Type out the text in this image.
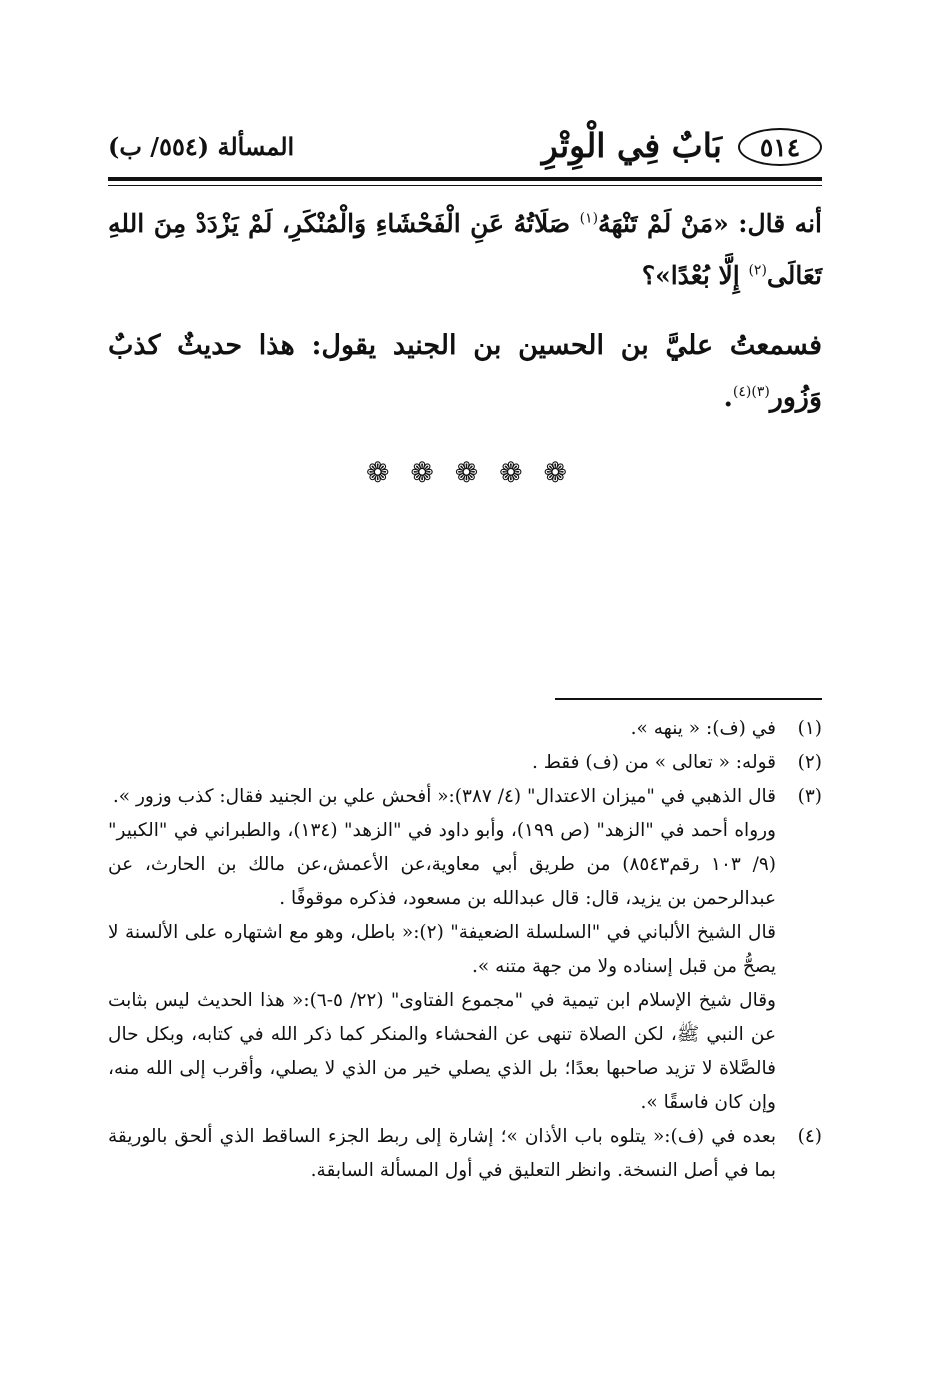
٥١٤
بَابٌ فِي الْوِتْرِ
المسألة (٥٥٤/ ب)

أنه قال: «مَنْ لَمْ تَنْهَهُ$^{(١)}$ صَلَاتُهُ عَنِ الْفَحْشَاءِ وَالْمُنْكَرِ، لَمْ يَزْدَدْ مِنَ اللهِ تَعَالَى$^{(٢)}$ إِلَّا بُعْدًا»؟

فسمعتُ عليَّ بن الحسين بن الجنيد يقول: هذا حديثٌ كذبٌ وَزُور$^{(٣)(٤)}$.

❁ ❁ ❁ ❁ ❁
(١)

في (ف): « ينهه ».

(٢)

قوله: « تعالى » من (ف) فقط .

(٣)

قال الذهبي في "ميزان الاعتدال" (٤/ ٣٨٧):« أفحش علي بن الجنيد فقال: كذب وزور ».

ورواه أحمد في "الزهد" (ص ١٩٩)، وأبو داود في "الزهد" (١٣٤)، والطبراني في "الكبير" (٩/ ١٠٣ رقم٨٥٤٣) من طريق أبي معاوية،عن الأعمش،عن مالك بن الحارث، عن عبدالرحمن بن يزيد، قال: قال عبدالله بن مسعود، فذكره موقوفًا .

قال الشيخ الألباني في "السلسلة الضعيفة" (٢):« باطل، وهو مع اشتهاره على الألسنة لا يصحُّ من قبل إسناده ولا من جهة متنه ».

وقال شيخ الإسلام ابن تيمية في "مجموع الفتاوى" (٢٢/ ٥-٦):« هذا الحديث ليس بثابت عن النبي ﷺ، لكن الصلاة تنهى عن الفحشاء والمنكر كما ذكر الله في كتابه، وبكل حال فالصَّلاة لا تزيد صاحبها بعدًا؛ بل الذي يصلي خير من الذي لا يصلي، وأقرب إلى الله منه، وإن كان فاسقًا ».

(٤)

بعده في (ف):« يتلوه باب الأذان »؛ إشارة إلى ربط الجزء الساقط الذي ألحق بالوريقة بما في أصل النسخة. وانظر التعليق في أول المسألة السابقة.
